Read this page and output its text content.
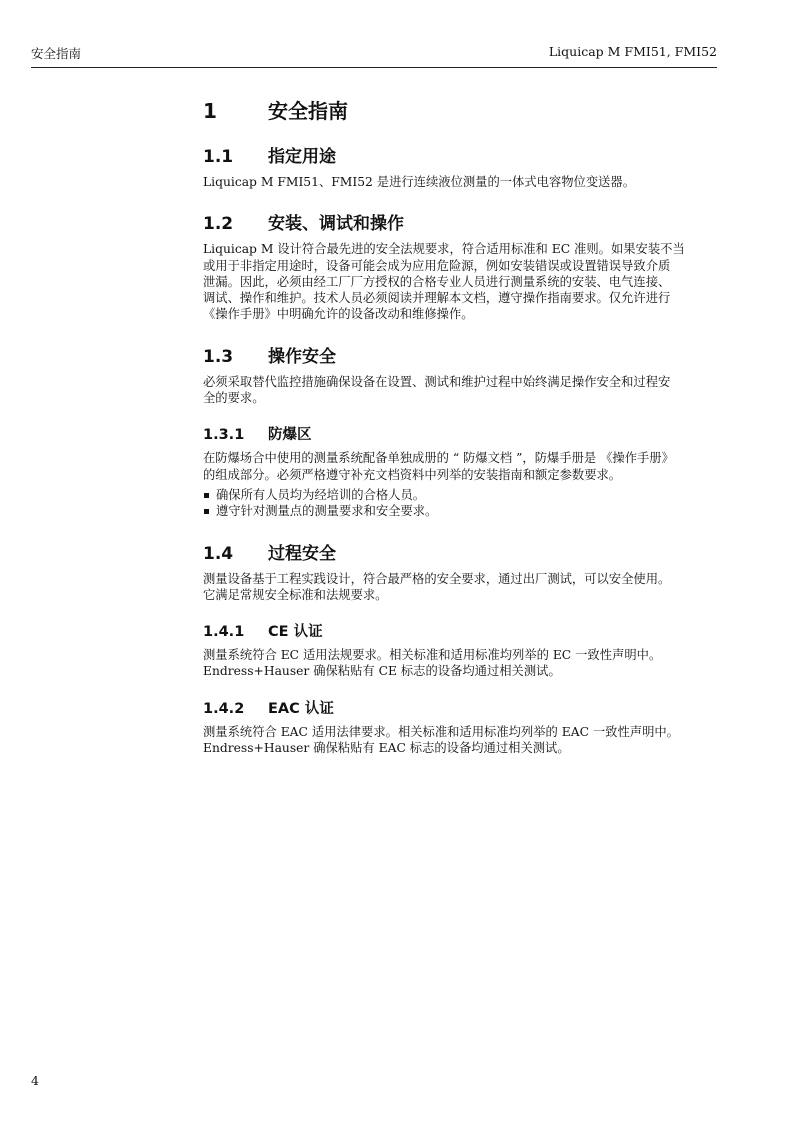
安全指南	Liquicap M FMI51, FMI52
1	安全指南
1.1	指定用途

Liquicap M FMI51、FMI52 是进行连续液位测量的一体式电容物位变送器。

1.2	安装、调试和操作

Liquicap M 设计符合最先进的安全法规要求，符合适用标准和 EC 准则。如果安装不当

或用于非指定用途时，设备可能会成为应用危险源，例如安装错误或设置错误导致介质

泄漏。因此，必须由经工厂厂方授权的合格专业人员进行测量系统的安装、电气连接、

调试、操作和维护。技术人员必须阅读并理解本文档，遵守操作指南要求。仅允许进行

《操作手册》中明确允许的设备改动和维修操作。

1.3	操作安全

必须采取替代监控措施确保设备在设置、测试和维护过程中始终满足操作安全和过程安

全的要求。

1.3.1	防爆区

在防爆场合中使用的测量系统配备单独成册的 “ 防爆文档 ”，防爆手册是 《操作手册》

的组成部分。必须严格遵守补充文档资料中列举的安装指南和额定参数要求。

确保所有人员均为经培训的合格人员。
遵守针对测量点的测量要求和安全要求。
1.4	过程安全

测量设备基于工程实践设计，符合最严格的安全要求，通过出厂测试，可以安全使用。

它满足常规安全标准和法规要求。

1.4.1	CE 认证

测量系统符合 EC 适用法规要求。相关标准和适用标准均列举的 EC 一致性声明中。

Endress+Hauser 确保粘贴有 CE 标志的设备均通过相关测试。

1.4.2	EAC 认证

测量系统符合 EAC 适用法律要求。相关标准和适用标准均列举的 EAC 一致性声明中。

Endress+Hauser 确保粘贴有 EAC 标志的设备均通过相关测试。

4
